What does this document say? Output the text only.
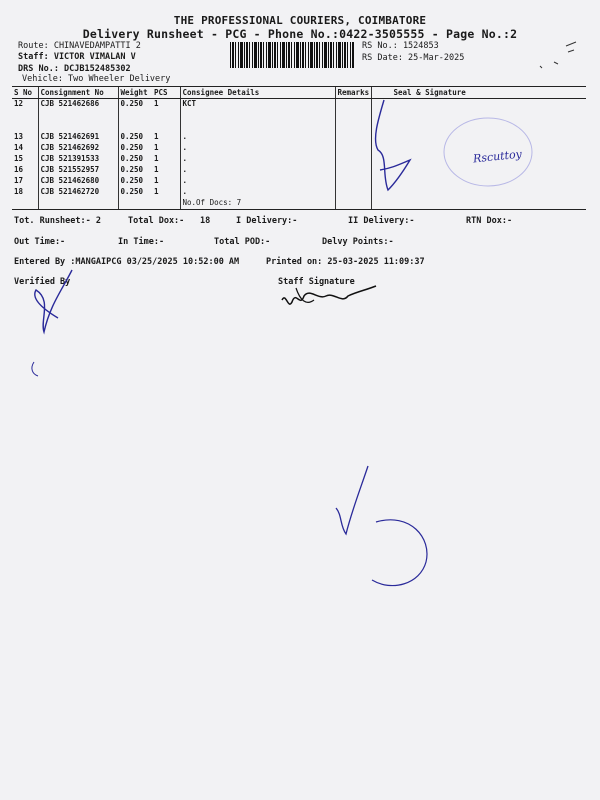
THE PROFESSIONAL COURIERS, COIMBATORE
Delivery Runsheet - PCG - Phone No.:0422-3505555 - Page No.:2
Route: CHINAVEDAMPATTI 2
Staff: VICTOR VIMALAN V
DRS No.: DCJB152485302
Vehicle: Two Wheeler Delivery
RS No.: 1524853
RS Date: 25-Mar-2025
S No	Consignment No	Weight	PCS	Consignee Details	Remarks	Seal & Signature
12	CJB 521462686	0.250	1	KCT		

13	CJB 521462691	0.250	1	.		
14	CJB 521462692	0.250	1	.		
15	CJB 521391533	0.250	1	.		
16	CJB 521552957	0.250	1	.		
17	CJB 521462680	0.250	1	.		
18	CJB 521462720	0.250	1	.		
				No.Of Docs: 7		
Tot. Runsheet:- 2	Total Dox:- 18	I Delivery:-	II Delivery:-	RTN Dox:-
Out Time:-	In Time:-	Total POD:-	Delvy Points:-
Entered By :MANGAIPCG 03/25/2025 10:52:00 AM	Printed on: 25-03-2025 11:09:37
Verified By	Staff Signature
Rscuttoy
